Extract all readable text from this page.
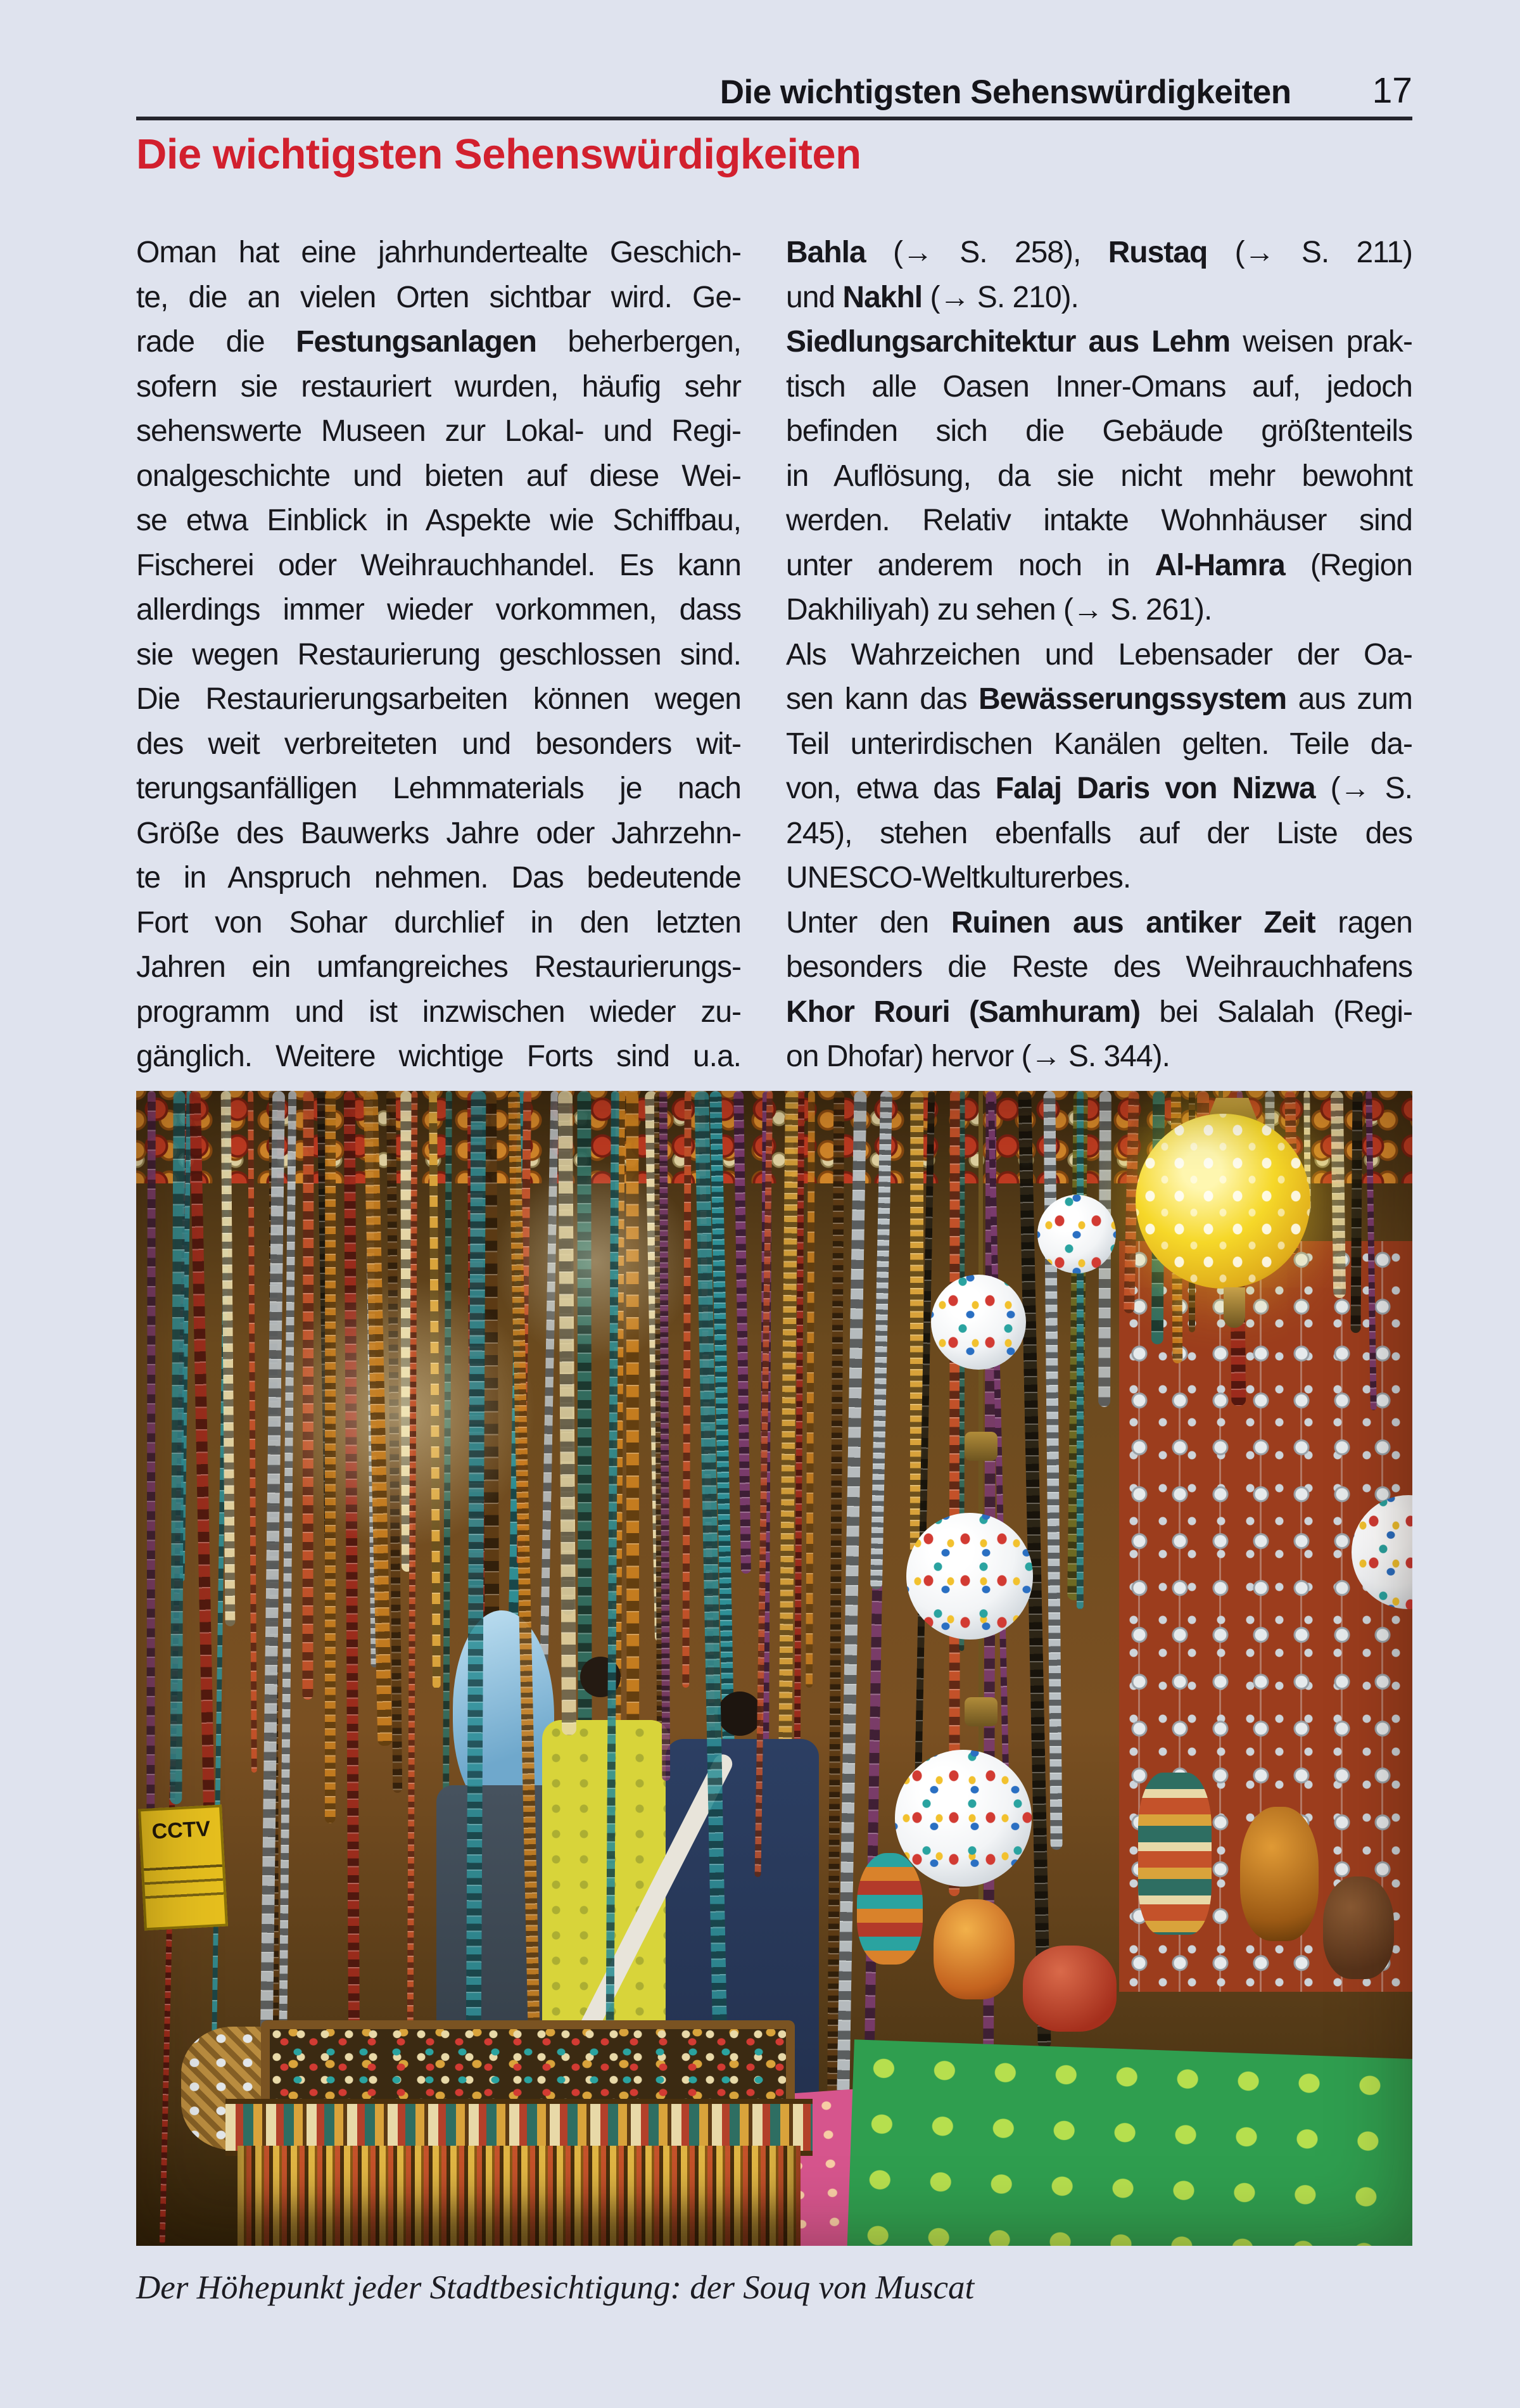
Die wichtigsten Sehenswürdigkeiten 17
Die wichtigsten Sehenswürdigkeiten
Oman hat eine jahrhundertealte Geschich-
te, die an vielen Orten sichtbar wird. Ge-
rade die Festungsanlagen beherbergen,
sofern sie restauriert wurden, häufig sehr
sehenswerte Museen zur Lokal- und Regi-
onalgeschichte und bieten auf diese Wei-
se etwa Einblick in Aspekte wie Schiffbau,
Fischerei oder Weihrauchhandel. Es kann
allerdings immer wieder vorkommen, dass
sie wegen Restaurierung geschlossen sind.
Die Restaurierungsarbeiten können wegen
des weit verbreiteten und besonders wit-
terungsanfälligen Lehmmaterials je nach
Größe des Bauwerks Jahre oder Jahrzehn-
te in Anspruch nehmen. Das bedeutende
Fort von Sohar durchlief in den letzten
Jahren ein umfangreiches Restaurierungs-
programm und ist inzwischen wieder zu-
gänglich. Weitere wichtige Forts sind u.a.
Bahla (→ S. 258), Rustaq (→ S. 211)
und Nakhl (→ S. 210).
Siedlungsarchitektur aus Lehm weisen prak-
tisch alle Oasen Inner-Omans auf, jedoch
befinden sich die Gebäude größtenteils
in Auflösung, da sie nicht mehr bewohnt
werden. Relativ intakte Wohnhäuser sind
unter anderem noch in Al-Hamra (Region
Dakhiliyah) zu sehen (→ S. 261).
Als Wahrzeichen und Lebensader der Oa-
sen kann das Bewässerungssystem aus zum
Teil unterirdischen Kanälen gelten. Teile da-
von, etwa das Falaj Daris von Nizwa (→ S.
245), stehen ebenfalls auf der Liste des
UNESCO-Weltkulturerbes.
Unter den Ruinen aus antiker Zeit ragen
besonders die Reste des Weihrauchhafens
Khor Rouri (Samhuram) bei Salalah (Regi-
on Dhofar) hervor (→ S. 344).
CCTV
Der Höhepunkt jeder Stadtbesichtigung: der Souq von Muscat
